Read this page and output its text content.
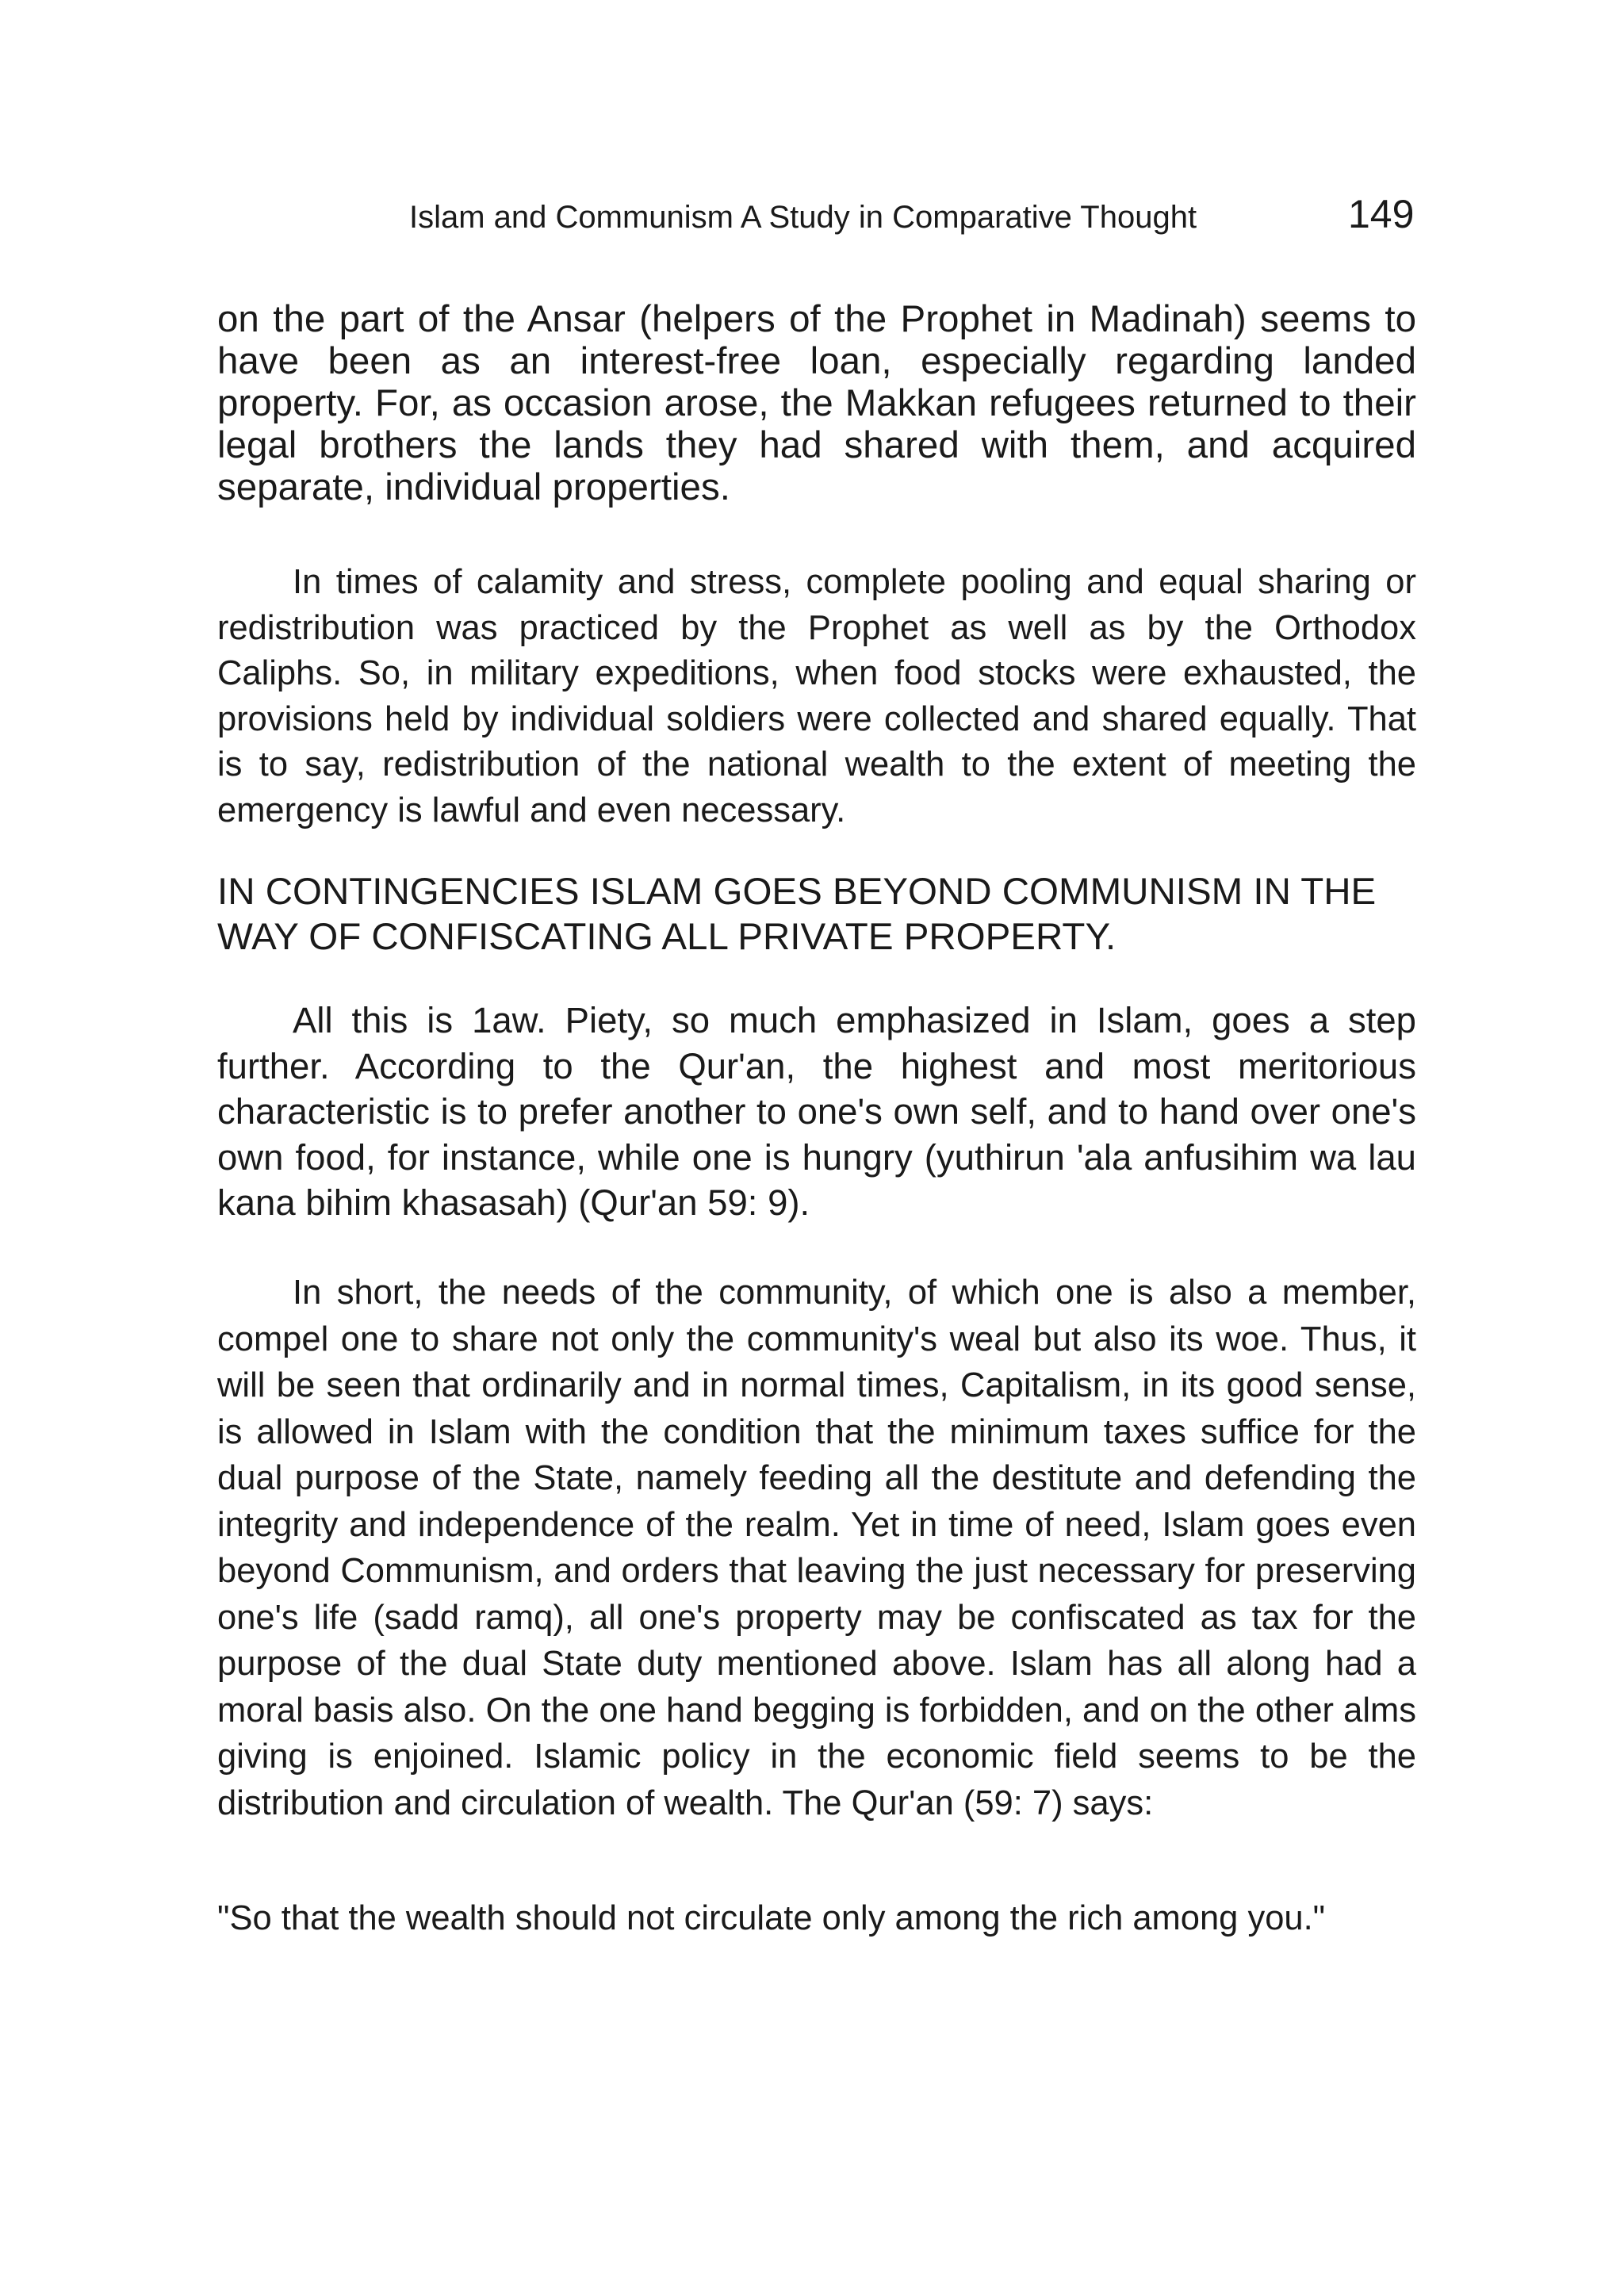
Islam and Communism A Study in Comparative Thought	149

on the part of the Ansar (helpers of the Prophet in Madinah) seems to have been as an interest-free loan, especially regarding landed property. For, as occasion arose, the Makkan refugees returned to their legal brothers the lands they had shared with them, and acquired separate, individual properties.

In times of calamity and stress, complete pooling and equal sharing or redistribution was practiced by the Prophet as well as by the Orthodox Caliphs. So, in military expeditions, when food stocks were exhausted, the provisions held by individual soldiers were collected and shared equally. That is to say, redistribution of the national wealth to the extent of meeting the emergency is lawful and even necessary.

IN CONTINGENCIES ISLAM GOES BEYOND COMMUNISM IN THE WAY OF CONFISCATING ALL PRIVATE PROPERTY.

All this is 1aw. Piety, so much emphasized in Islam, goes a step further. According to the Qur'an, the highest and most meritorious characteristic is to prefer another to one's own self, and to hand over one's own food, for instance, while one is hungry (yuthirun 'ala anfusihim wa lau kana bihim khasasah) (Qur'an 59: 9).

In short, the needs of the community, of which one is also a member, compel one to share not only the community's weal but also its woe. Thus, it will be seen that ordinarily and in normal times, Capitalism, in its good sense, is allowed in Islam with the condition that the minimum taxes suffice for the dual purpose of the State, namely feeding all the destitute and defending the integrity and independence of the realm. Yet in time of need, Islam goes even beyond Communism, and orders that leaving the just necessary for preserving one's life (sadd ramq), all one's property may be confiscated as tax for the purpose of the dual State duty mentioned above. Islam has all along had a moral basis also. On the one hand begging is forbidden, and on the other alms giving is enjoined. Islamic policy in the economic field seems to be the distribution and circulation of wealth. The Qur'an (59: 7) says:

"So that the wealth should not circulate only among the rich among you."
